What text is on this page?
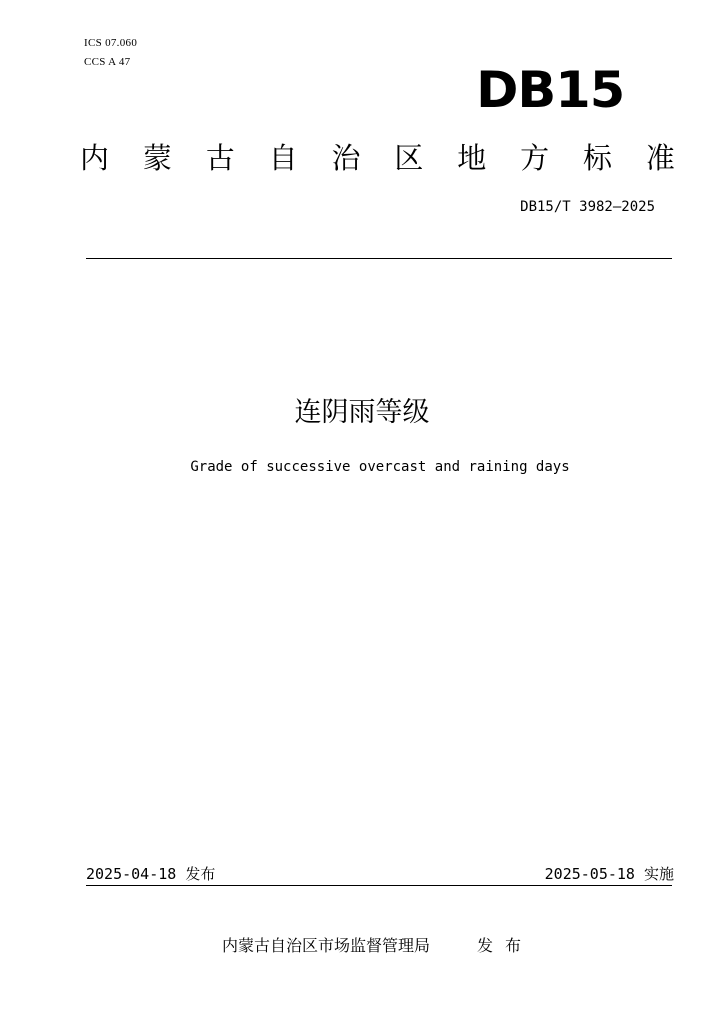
ICS 07.060
CCS A 47	DB15
内 蒙 古 自 治 区 地 方 标 准
DB15/T 3982—2025
连阴雨等级
Grade of successive overcast and raining days
2025-04-18 发布	2025-05-18 实施
内蒙古自治区市场监督管理局	发布
